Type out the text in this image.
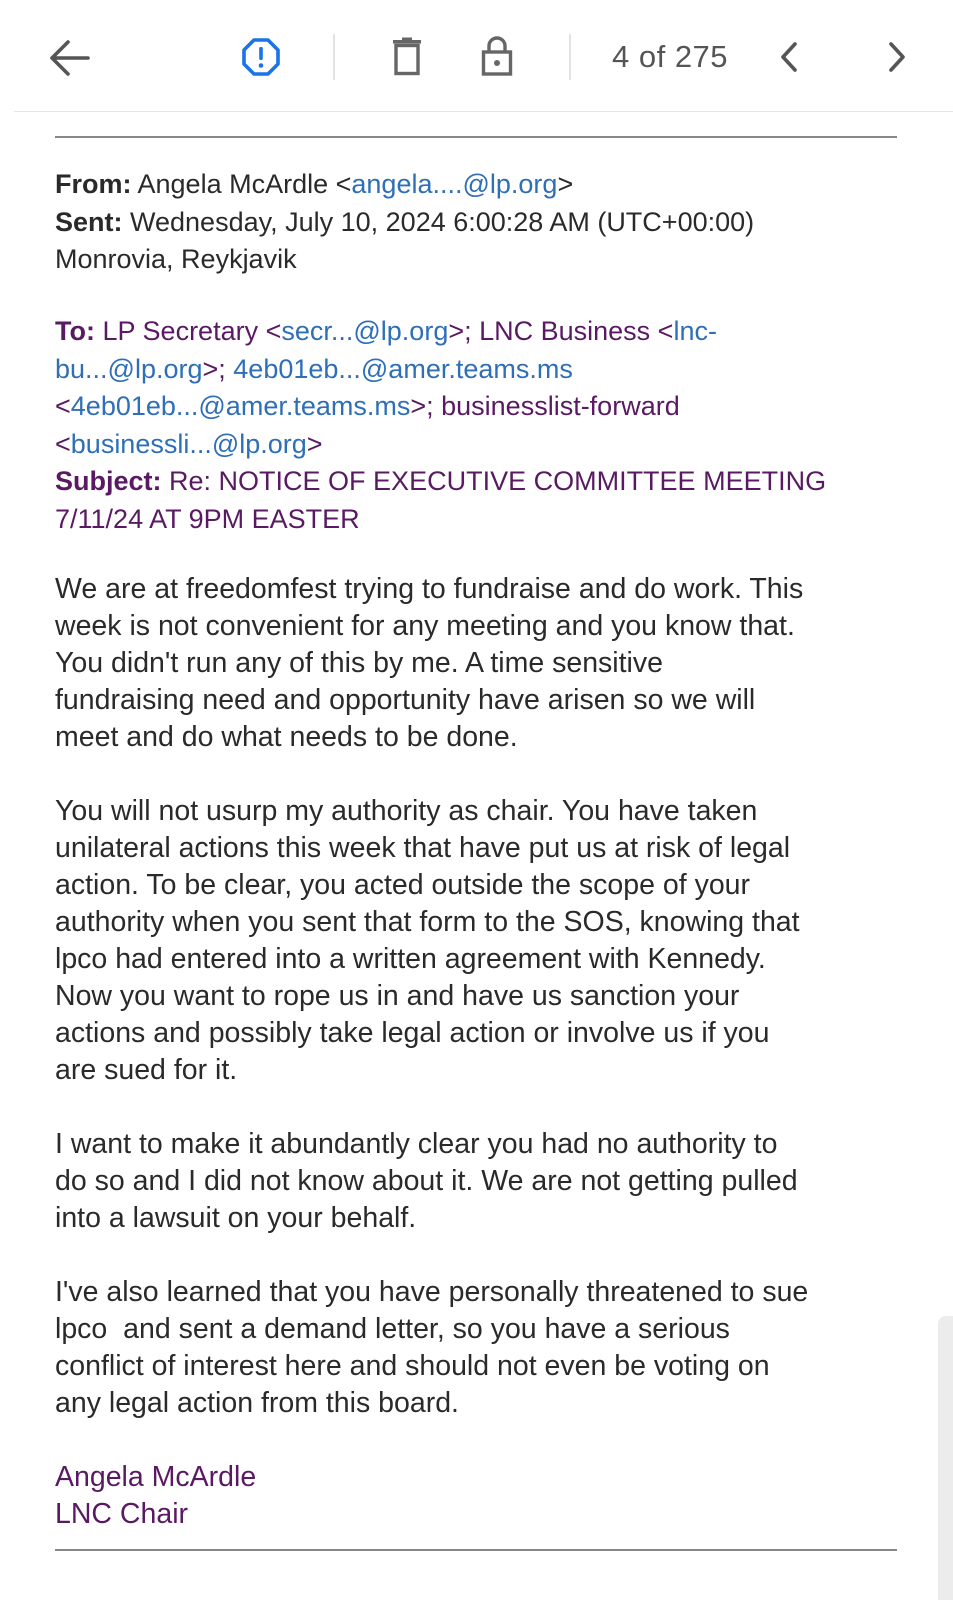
4 of 275
From: Angela McArdle <angela....@lp.org>
Sent: Wednesday, July 10, 2024 6:00:28 AM (UTC+00:00)
Monrovia, Reykjavik
To: LP Secretary <secr...@lp.org>; LNC Business <lnc-
bu...@lp.org>; 4eb01eb...@amer.teams.ms
<4eb01eb...@amer.teams.ms>; businesslist-forward
<businessli...@lp.org>
Subject: Re: NOTICE OF EXECUTIVE COMMITTEE MEETING
7/11/24 AT 9PM EASTER

We are at freedomfest trying to fundraise and do work. This
week is not convenient for any meeting and you know that.
You didn't run any of this by me. A time sensitive
fundraising need and opportunity have arisen so we will
meet and do what needs to be done.

You will not usurp my authority as chair. You have taken
unilateral actions this week that have put us at risk of legal
action. To be clear, you acted outside the scope of your
authority when you sent that form to the SOS, knowing that
lpco had entered into a written agreement with Kennedy.
Now you want to rope us in and have us sanction your
actions and possibly take legal action or involve us if you
are sued for it.

I want to make it abundantly clear you had no authority to
do so and I did not know about it. We are not getting pulled
into a lawsuit on your behalf.

I've also learned that you have personally threatened to sue
lpco  and sent a demand letter, so you have a serious
conflict of interest here and should not even be voting on
any legal action from this board.

Angela McArdle

LNC Chair
